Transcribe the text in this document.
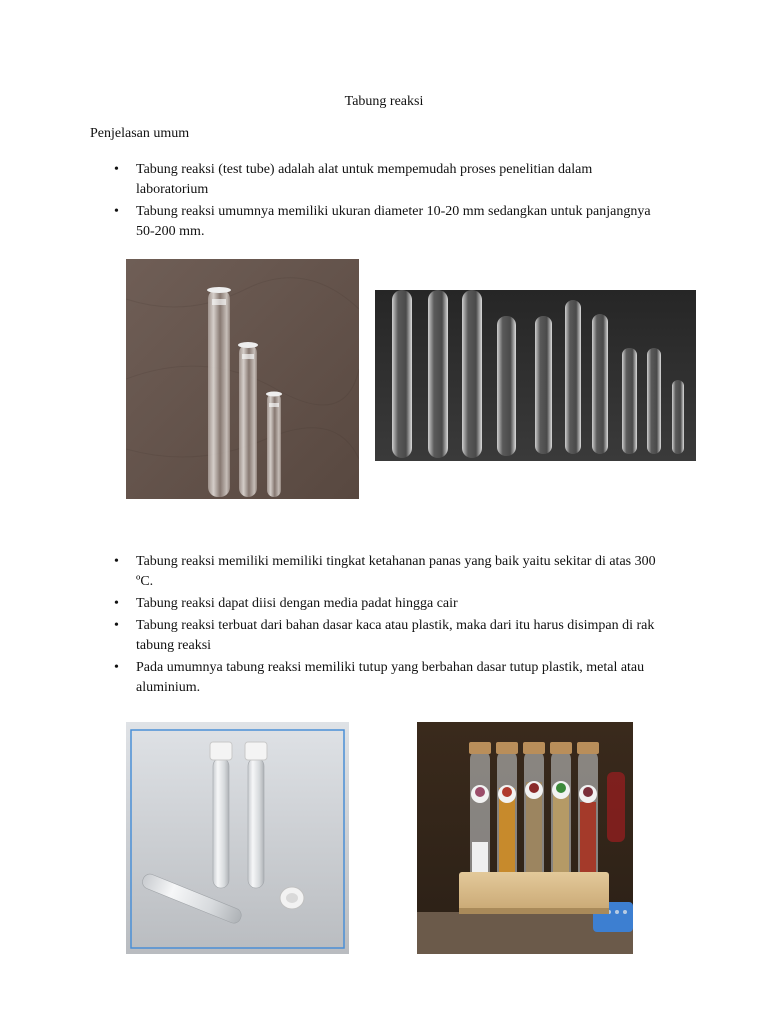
Tabung reaksi
Penjelasan umum
• Tabung reaksi (test tube) adalah alat untuk mempemudah proses penelitian dalam laboratorium
• Tabung reaksi umumnya memiliki ukuran diameter 10-20 mm sedangkan untuk panjangnya 50-200 mm.
• Tabung reaksi memiliki memiliki tingkat ketahanan panas yang baik yaitu sekitar di atas 300 ºC.
• Tabung reaksi dapat diisi dengan media padat hingga cair
• Tabung reaksi terbuat dari bahan dasar kaca atau plastik, maka dari itu harus disimpan di rak tabung reaksi
• Pada umumnya tabung reaksi memiliki tutup yang berbahan dasar tutup plastik, metal atau aluminium.
